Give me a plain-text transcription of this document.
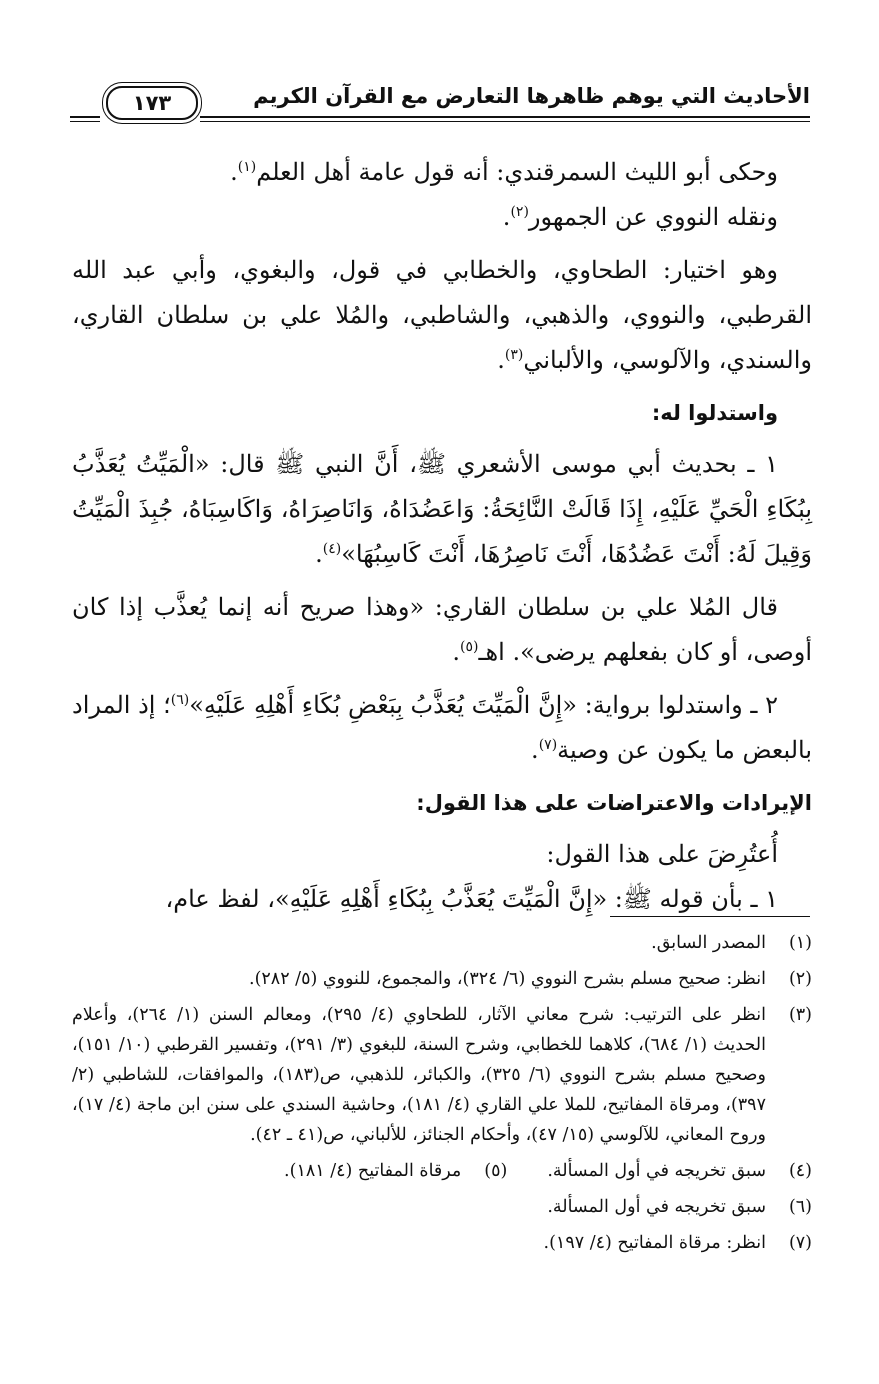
الأحاديث التي يوهم ظاهرها التعارض مع القرآن الكريم
١٧٣

وحكى أبو الليث السمرقندي: أنه قول عامة أهل العلم$^{(١)}$.

ونقله النووي عن الجمهور$^{(٢)}$.

وهو اختيار: الطحاوي، والخطابي في قول، والبغوي، وأبي عبد الله القرطبي، والنووي، والذهبي، والشاطبي، والمُلا علي بن سلطان القاري، والسندي، والآلوسي، والألباني$^{(٣)}$.

واستدلوا له:

١ ـ بحديث أبي موسى الأشعري ﷺ، أَنَّ النبي ﷺ قال: «الْمَيِّتُ يُعَذَّبُ بِبُكَاءِ الْحَيِّ عَلَيْهِ، إِذَا قَالَتْ النَّائِحَةُ: وَاعَضُدَاهُ، وَانَاصِرَاهُ، وَاكَاسِبَاهُ، جُبِذَ الْمَيِّتُ وَقِيلَ لَهُ: أَنْتَ عَضُدُهَا، أَنْتَ نَاصِرُهَا، أَنْتَ كَاسِبُهَا»$^{(٤)}$.

قال المُلا علي بن سلطان القاري: «وهذا صريح أنه إنما يُعذَّب إذا كان أوصى، أو كان بفعلهم يرضى». اهـ$^{(٥)}$.

٢ ـ واستدلوا برواية: «إِنَّ الْمَيِّتَ يُعَذَّبُ بِبَعْضِ بُكَاءِ أَهْلِهِ عَلَيْهِ»$^{(٦)}$؛ إذ المراد بالبعض ما يكون عن وصية$^{(٧)}$.

الإيرادات والاعتراضات على هذا القول:

أُعتُرِضَ على هذا القول:

١ ـ بأن قوله ﷺ: «إِنَّ الْمَيِّتَ يُعَذَّبُ بِبُكَاءِ أَهْلِهِ عَلَيْهِ»، لفظ عام،

(١)
المصدر السابق.
(٢)
انظر: صحيح مسلم بشرح النووي (٦/ ٣٢٤)، والمجموع، للنووي (٥/ ٢٨٢).
(٣)
انظر على الترتيب: شرح معاني الآثار، للطحاوي (٤/ ٢٩٥)، ومعالم السنن (١/ ٢٦٤)، وأعلام الحديث (١/ ٦٨٤)، كلاهما للخطابي، وشرح السنة، للبغوي (٣/ ٢٩١)، وتفسير القرطبي (١٠/ ١٥١)، وصحيح مسلم بشرح النووي (٦/ ٣٢٥)، والكبائر، للذهبي، ص(١٨٣)، والموافقات، للشاطبي (٢/ ٣٩٧)، ومرقاة المفاتيح، للملا علي القاري (٤/ ١٨١)، وحاشية السندي على سنن ابن ماجة (٤/ ١٧)، وروح المعاني، للآلوسي (١٥/ ٤٧)، وأحكام الجنائز، للألباني، ص(٤١ ـ ٤٢).
(٤)
سبق تخريجه في أول المسألة.
(٥)
مرقاة المفاتيح (٤/ ١٨١).
(٦)
سبق تخريجه في أول المسألة.
(٧)
انظر: مرقاة المفاتيح (٤/ ١٩٧).
